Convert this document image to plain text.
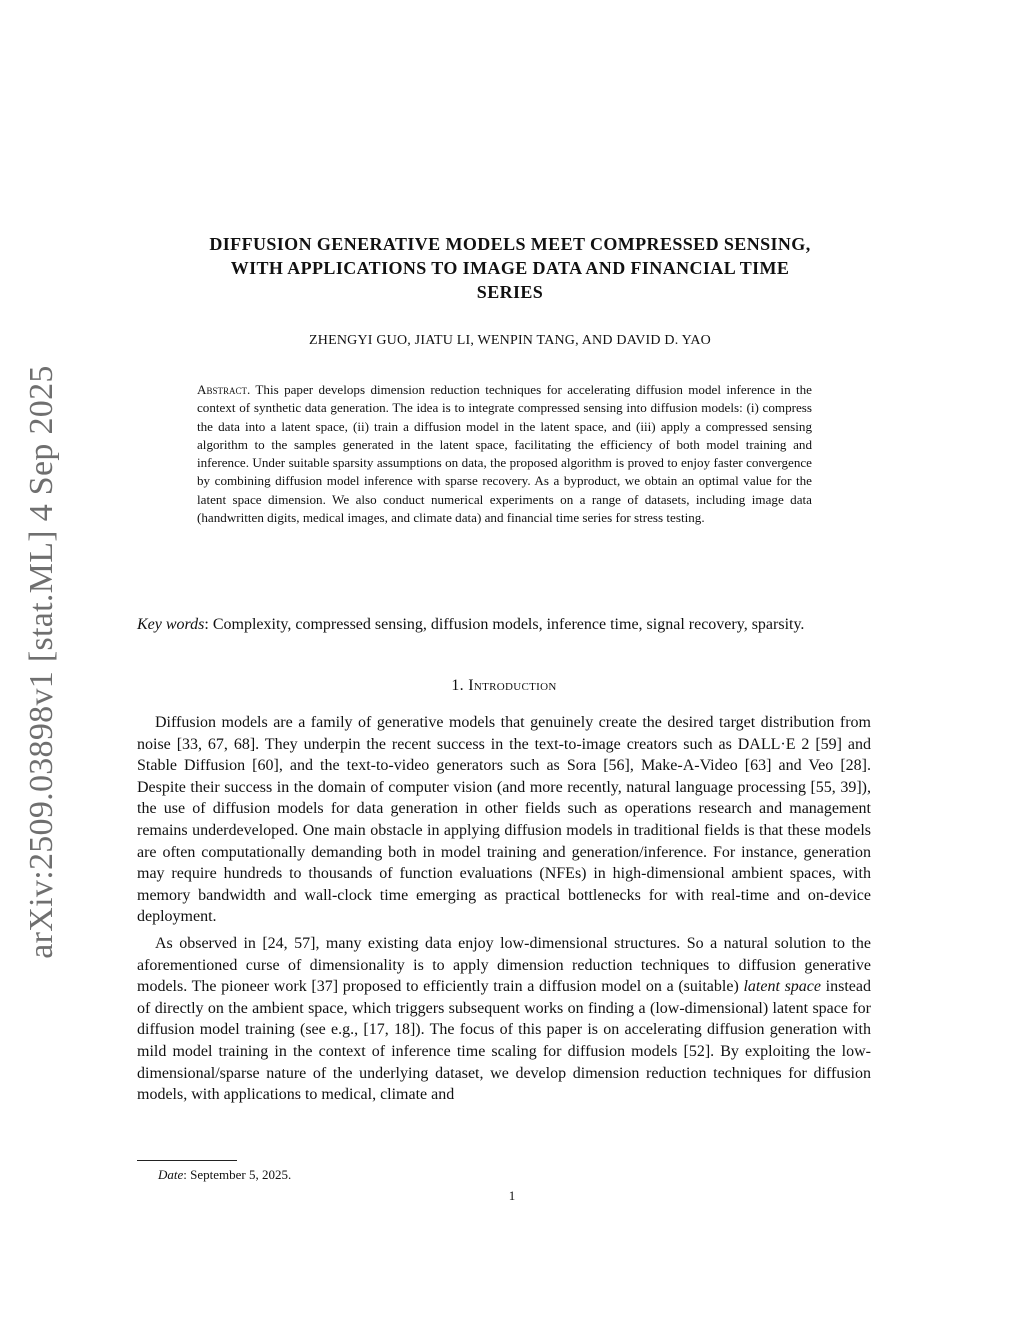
arXiv:2509.03898v1 [stat.ML] 4 Sep 2025
DIFFUSION GENERATIVE MODELS MEET COMPRESSED SENSING,
WITH APPLICATIONS TO IMAGE DATA AND FINANCIAL TIME
SERIES
ZHENGYI GUO, JIATU LI, WENPIN TANG, AND DAVID D. YAO
Abstract. This paper develops dimension reduction techniques for accelerating diffusion model inference in the context of synthetic data generation. The idea is to integrate compressed sensing into diffusion models: (i) compress the data into a latent space, (ii) train a diffusion model in the latent space, and (iii) apply a compressed sensing algorithm to the samples generated in the latent space, facilitating the efficiency of both model training and inference. Under suitable sparsity assumptions on data, the proposed algorithm is proved to enjoy faster convergence by combining diffusion model inference with sparse recovery. As a byproduct, we obtain an optimal value for the latent space dimension. We also conduct numerical experiments on a range of datasets, including image data (handwritten digits, medical images, and climate data) and financial time series for stress testing.
Key words: Complexity, compressed sensing, diffusion models, inference time, signal recovery, sparsity.
1. Introduction

Diffusion models are a family of generative models that genuinely create the desired target distribution from noise [33, 67, 68]. They underpin the recent success in the text-to-image creators such as DALL·E 2 [59] and Stable Diffusion [60], and the text-to-video generators such as Sora [56], Make-A-Video [63] and Veo [28]. Despite their success in the domain of computer vision (and more recently, natural language processing [55, 39]), the use of diffusion models for data generation in other fields such as operations research and management remains underdeveloped. One main obstacle in applying diffusion models in traditional fields is that these models are often computationally demanding both in model training and generation/inference. For instance, generation may require hundreds to thousands of function evaluations (NFEs) in high-dimensional ambient spaces, with memory bandwidth and wall-clock time emerging as practical bottlenecks for with real-time and on-device deployment.

As observed in [24, 57], many existing data enjoy low-dimensional structures. So a natural solution to the aforementioned curse of dimensionality is to apply dimension reduction techniques to diffusion generative models. The pioneer work [37] proposed to efficiently train a diffusion model on a (suitable) latent space instead of directly on the ambient space, which triggers subsequent works on finding a (low-dimensional) latent space for diffusion model training (see e.g., [17, 18]). The focus of this paper is on accelerating diffusion generation with mild model training in the context of inference time scaling for diffusion models [52]. By exploiting the low-dimensional/sparse nature of the underlying dataset, we develop dimension reduction techniques for diffusion models, with applications to medical, climate and

Date: September 5, 2025.
1
